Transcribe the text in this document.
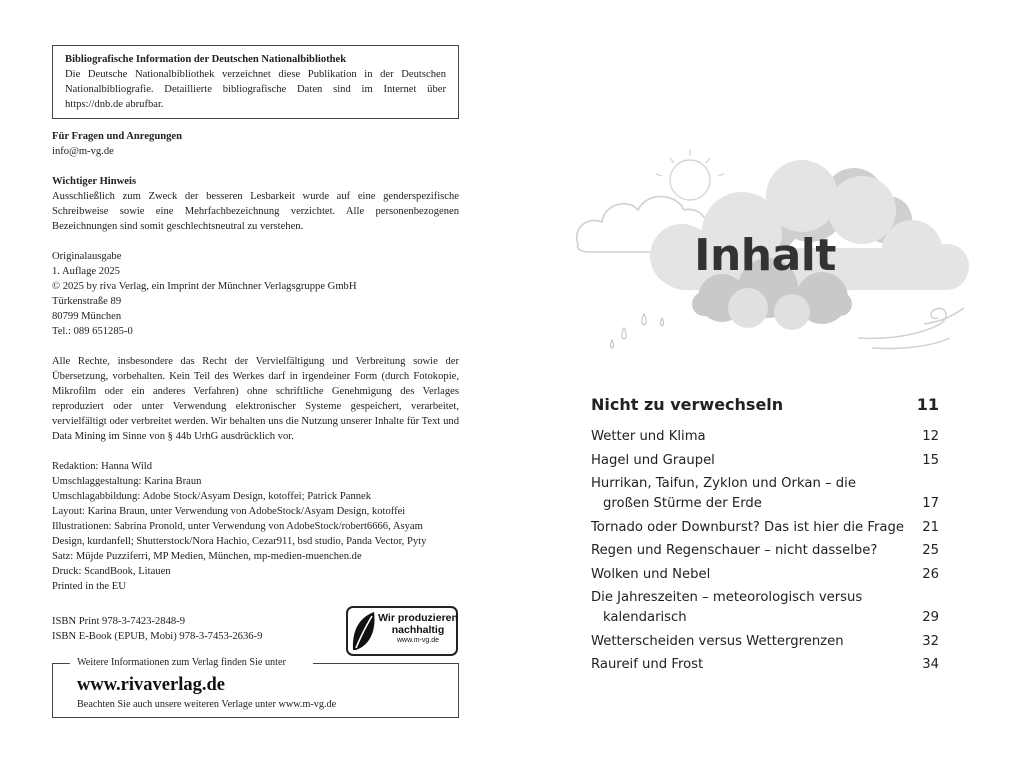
Bibliografische Information der Deutschen Nationalbibliothek

Die Deutsche Nationalbibliothek verzeichnet diese Publikation in der Deutschen Nationalbibliografie. Detaillierte bibliografische Daten sind im Internet über https://dnb.de abrufbar.

Für Fragen und Anregungen

info@m-vg.de

Wichtiger Hinweis

Ausschließlich zum Zweck der besseren Lesbarkeit wurde auf eine genderspezifische Schreibweise sowie eine Mehrfachbezeichnung verzichtet. Alle personenbezogenen Bezeichnungen sind somit geschlechtsneutral zu verstehen.

Originalausgabe
1. Auflage 2025
© 2025 by riva Verlag, ein Imprint der Münchner Verlagsgruppe GmbH
Türkenstraße 89
80799 München
Tel.: 089 651285-0

Alle Rechte, insbesondere das Recht der Vervielfältigung und Verbreitung sowie der Übersetzung, vorbehalten. Kein Teil des Werkes darf in irgendeiner Form (durch Fotokopie, Mikrofilm oder ein anderes Verfahren) ohne schriftliche Genehmigung des Verlages reproduziert oder unter Verwendung elektronischer Systeme gespeichert, verarbeitet, vervielfältigt oder verbreitet werden. Wir behalten uns die Nutzung unserer Inhalte für Text und Data Mining im Sinne von § 44b UrhG ausdrücklich vor.

Redaktion: Hanna Wild
Umschlaggestaltung: Karina Braun
Umschlagabbildung: Adobe Stock/Asyam Design, kotoffei; Patrick Pannek
Layout: Karina Braun, unter Verwendung von AdobeStock/Asyam Design, kotoffei
Illustrationen: Sabrina Pronold, unter Verwendung von AdobeStock/robert6666, Asyam
Design, kurdanfell; Shutterstock/Nora Hachio, Cezar911, bsd studio, Panda Vector, Pyty
Satz: Müjde Puzziferri, MP Medien, München, mp-medien-muenchen.de
Druck: ScandBook, Litauen
Printed in the EU
ISBN Print 978-3-7423-2848-9
ISBN E-Book (EPUB, Mobi) 978-3-7453-2636-9
Wir produzieren
nachhaltig
www.m-vg.de
Weitere Informationen zum Verlag finden Sie unter
www.rivaverlag.de
Beachten Sie auch unsere weiteren Verlage unter www.m-vg.de
Inhalt
Nicht zu verwechseln	11
Wetter und Klima	12
Hagel und Graupel	15
Hurrikan, Taifun, Zyklon und Orkan – die
großen Stürme der Erde	17
Tornado oder Downburst? Das ist hier die Frage	21
Regen und Regenschauer – nicht dasselbe?	25
Wolken und Nebel	26
Die Jahreszeiten – meteorologisch versus
kalendarisch	29
Wetterscheiden versus Wettergrenzen	32
Raureif und Frost	34
